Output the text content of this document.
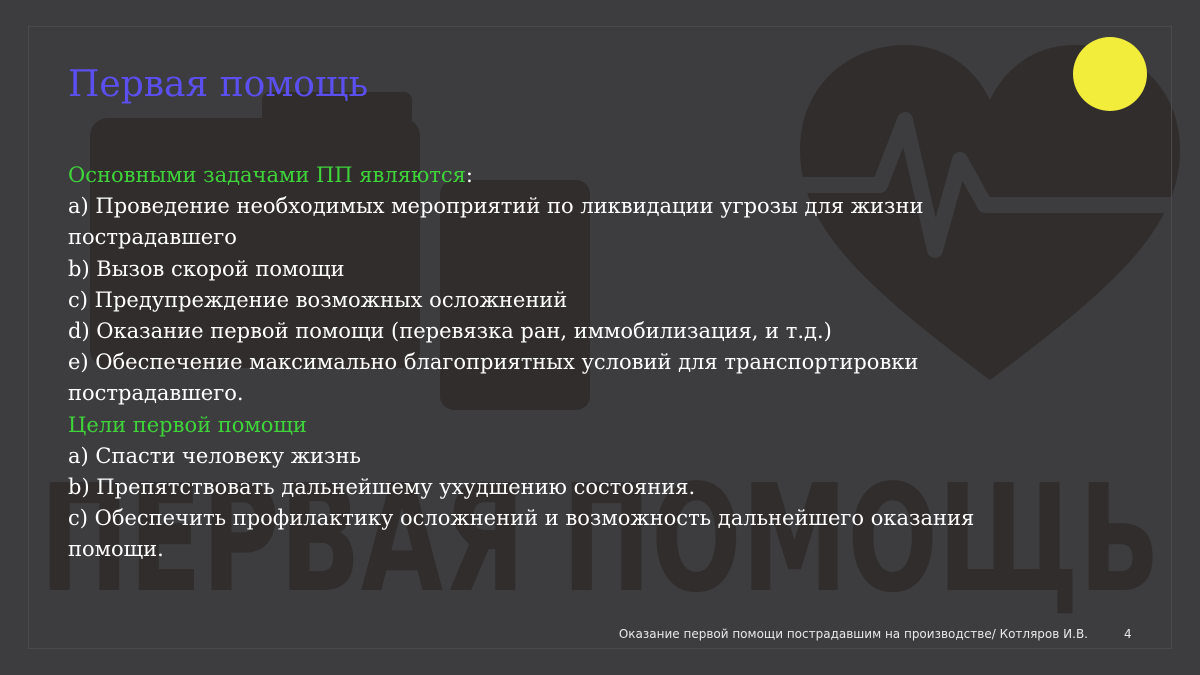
ПЕРВАЯ ПОМОЩЬ
Первая помощь
Основными задачами ПП являются:
a) Проведение необходимых мероприятий по ликвидации угрозы для жизни
пострадавшего
b) Вызов скорой помощи
c) Предупреждение возможных осложнений
d) Оказание первой помощи (перевязка ран, иммобилизация, и т.д.)
e) Обеспечение максимально благоприятных условий для транспортировки
пострадавшего.
Цели первой помощи
a) Спасти человеку жизнь
b) Препятствовать дальнейшему ухудшению состояния.
c) Обеспечить профилактику осложнений и возможность дальнейшего оказания
помощи.
Оказание первой помощи пострадавшим на производстве/ Котляров И.В.	4
